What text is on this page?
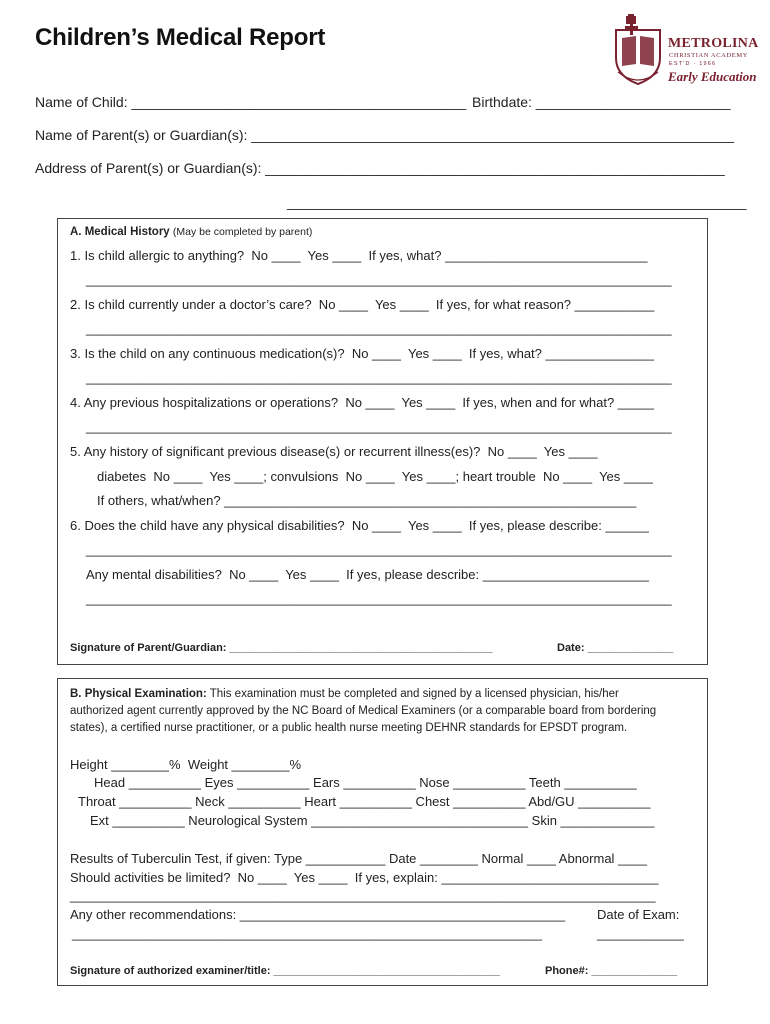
Children’s Medical Report	METROLINA
CHRISTIAN ACADEMY
EST'D · 1966
Early Education
Name of Child: ___________________________________________ Birthdate: _________________________
Name of Parent(s) or Guardian(s): ______________________________________________________________
Address of Parent(s) or Guardian(s): ___________________________________________________________
___________________________________________________________
A. Medical History (May be completed by parent)
1. Is child allergic to anything?  No ____  Yes ____  If yes, what? ____________________________
_________________________________________________________________________________
2. Is child currently under a doctor’s care?  No ____  Yes ____  If yes, for what reason? ___________
_________________________________________________________________________________
3. Is the child on any continuous medication(s)?  No ____  Yes ____  If yes, what? _______________
_________________________________________________________________________________
4. Any previous hospitalizations or operations?  No ____  Yes ____  If yes, when and for what? _____
_________________________________________________________________________________
5. Any history of significant previous disease(s) or recurrent illness(es)?  No ____  Yes ____
diabetes  No ____  Yes ____; convulsions  No ____  Yes ____; heart trouble  No ____  Yes ____
If others, what/when? _________________________________________________________
6. Does the child have any physical disabilities?  No ____  Yes ____  If yes, please describe: ______
_________________________________________________________________________________
Any mental disabilities?  No ____  Yes ____  If yes, please describe: _______________________
_________________________________________________________________________________
Signature of Parent/Guardian: ___________________________________________	Date: ______________
B. Physical Examination: This examination must be completed and signed by a licensed physician, his/her
authorized agent currently approved by the NC Board of Medical Examiners (or a comparable board from bordering
states), a certified nurse practitioner, or a public health nurse meeting DEHNR standards for EPSDT program.
Height ________%  Weight ________%
Head __________ Eyes __________ Ears __________ Nose __________ Teeth __________
Throat __________ Neck __________ Heart __________ Chest __________ Abd/GU __________
Ext __________ Neurological System ______________________________ Skin _____________
Results of Tuberculin Test, if given: Type ___________ Date ________ Normal ____ Abnormal ____
Should activities be limited?  No ____  Yes ____  If yes, explain: ______________________________
_________________________________________________________________________________
Any other recommendations: _____________________________________________ Date of Exam:
_________________________________________________________________	____________
Signature of authorized examiner/title: _____________________________________	Phone#: ______________
